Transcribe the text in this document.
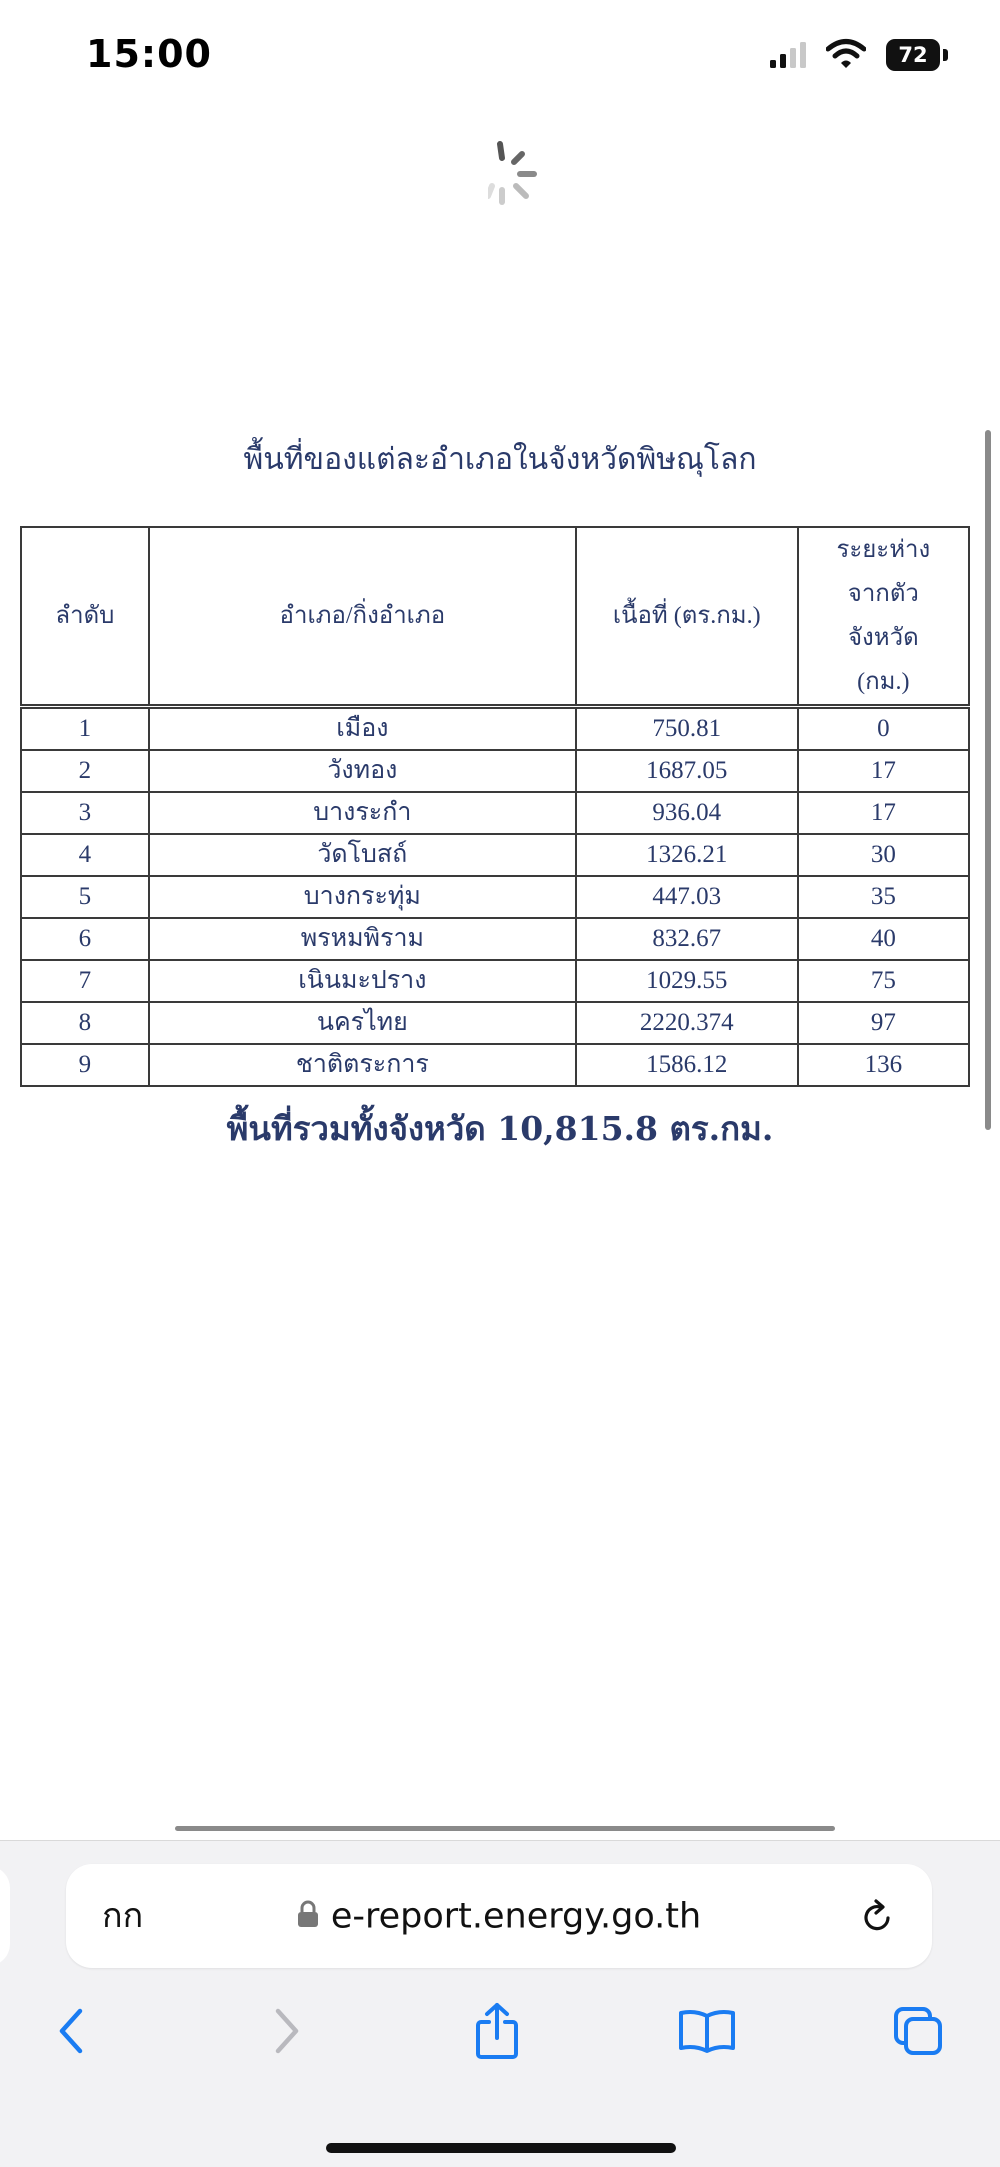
15:00	72
พื้นที่ของแต่ละอำเภอในจังหวัดพิษณุโลก
ลำดับ	อำเภอ/กิ่งอำเภอ	เนื้อที่ (ตร.กม.)	ระยะห่าง
จากตัว
จังหวัด
(กม.)

1	เมือง	750.81	0
2	วังทอง	1687.05	17
3	บางระกำ	936.04	17
4	วัดโบสถ์	1326.21	30
5	บางกระทุ่ม	447.03	35
6	พรหมพิราม	832.67	40
7	เนินมะปราง	1029.55	75
8	นครไทย	2220.374	97
9	ชาติตระการ	1586.12	136
พื้นที่รวมทั้งจังหวัด 10,815.8 ตร.กม.
e-report.energy.go.th
กก
